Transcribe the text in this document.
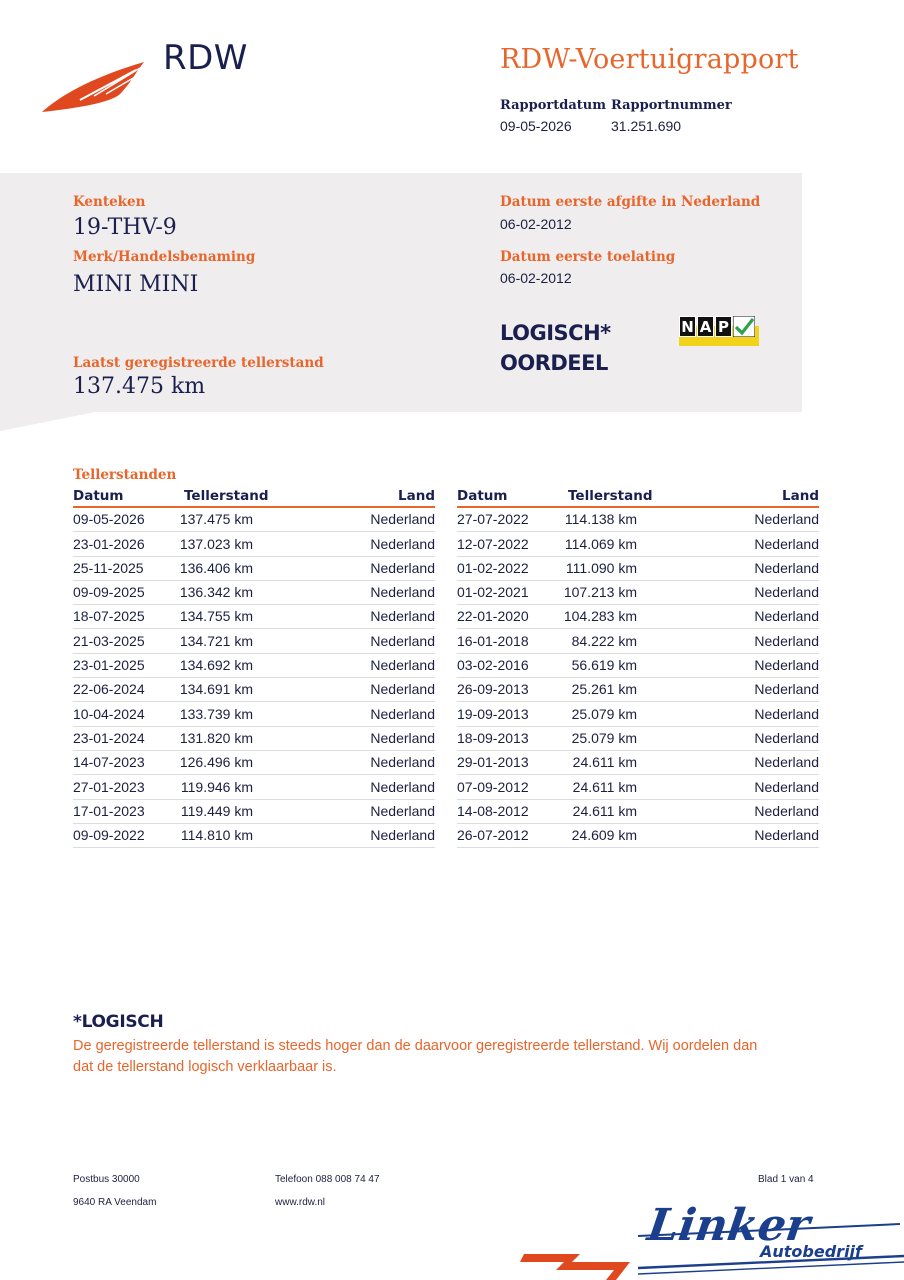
RDW	RDW-Voertuigrapport
Rapportdatum
09-05-2026
Rapportnummer
31.251.690
Kenteken
19-THV-9
Merk/Handelsbenaming
MINI MINI
Laatst geregistreerde tellerstand
137.475 km
Datum eerste afgifte in Nederland
06-02-2012
Datum eerste toelating
06-02-2012
LOGISCH*
OORDEEL
N A P
Tellerstanden
Datum	Tellerstand	Land
09-05-2026	137.475 km	Nederland
23-01-2026	137.023 km	Nederland
25-11-2025	136.406 km	Nederland
09-09-2025	136.342 km	Nederland
18-07-2025	134.755 km	Nederland
21-03-2025	134.721 km	Nederland
23-01-2025	134.692 km	Nederland
22-06-2024	134.691 km	Nederland
10-04-2024	133.739 km	Nederland
23-01-2024	131.820 km	Nederland
14-07-2023	126.496 km	Nederland
27-01-2023	119.946 km	Nederland
17-01-2023	119.449 km	Nederland
09-09-2022	114.810 km	Nederland
Datum	Tellerstand	Land
27-07-2022	114.138 km	Nederland
12-07-2022	114.069 km	Nederland
01-02-2022	111.090 km	Nederland
01-02-2021	107.213 km	Nederland
22-01-2020	104.283 km	Nederland
16-01-2018	84.222 km	Nederland
03-02-2016	56.619 km	Nederland
26-09-2013	25.261 km	Nederland
19-09-2013	25.079 km	Nederland
18-09-2013	25.079 km	Nederland
29-01-2013	24.611 km	Nederland
07-09-2012	24.611 km	Nederland
14-08-2012	24.611 km	Nederland
26-07-2012	24.609 km	Nederland
*LOGISCH
De geregistreerde tellerstand is steeds hoger dan de daarvoor geregistreerde tellerstand. Wij oordelen dan dat de tellerstand logisch verklaarbaar is.
Postbus 30000
9640 RA Veendam
Telefoon 088 008 74 47
www.rdw.nl
Blad 1 van 4
Linker
Autobedrijf
